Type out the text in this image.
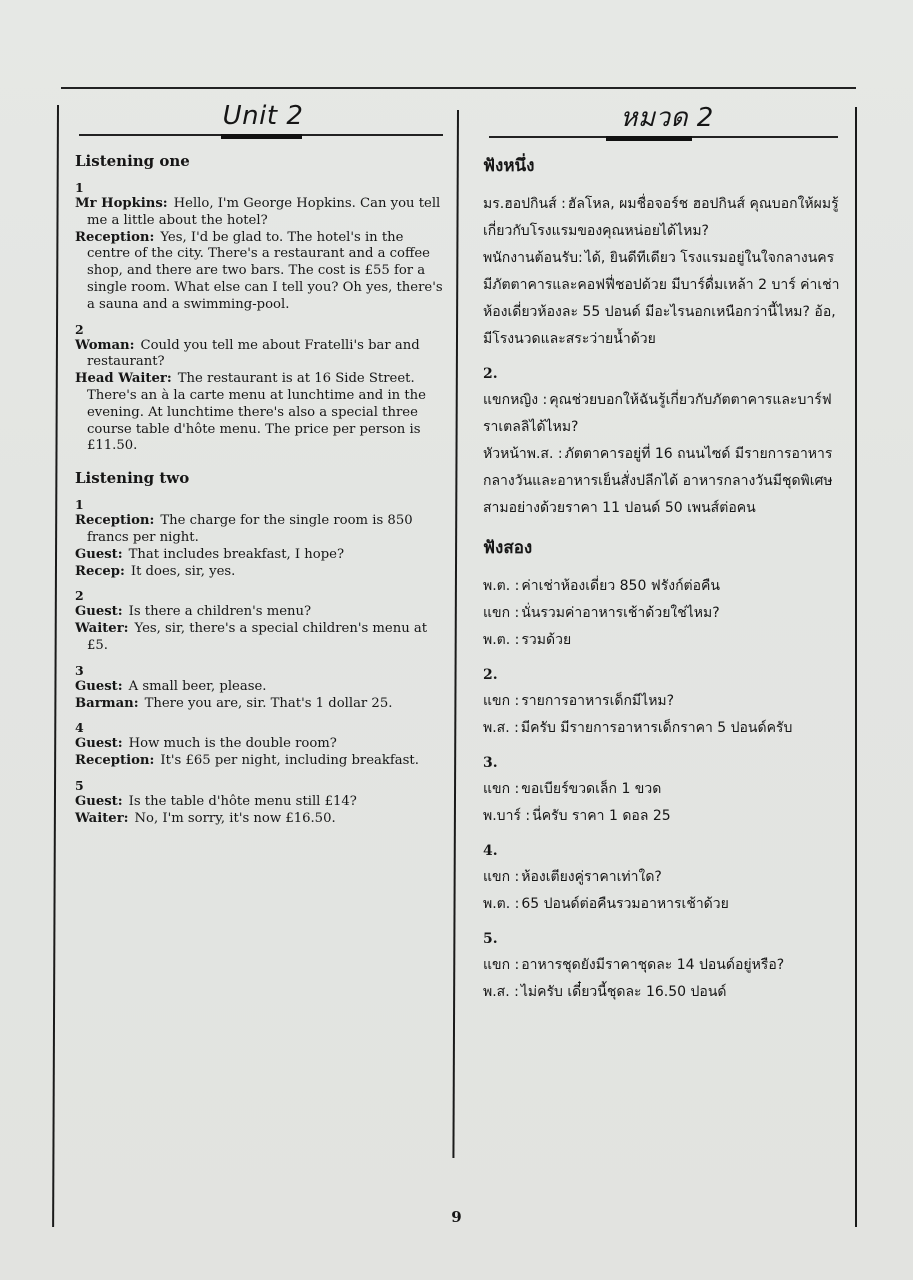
Unit 2
Listening one
1
Mr Hopkins: Hello, I'm George Hopkins. Can you tell me a little about the hotel?
Reception: Yes, I'd be glad to. The hotel's in the centre of the city. There's a restaurant and a coffee shop, and there are two bars. The cost is £55 for a single room. What else can I tell you? Oh yes, there's a sauna and a swimming-pool.
2
Woman: Could you tell me about Fratelli's bar and restaurant?
Head Waiter: The restaurant is at 16 Side Street. There's an à la carte menu at lunchtime and in the evening. At lunchtime there's also a special three course table d'hôte menu. The price per person is £11.50.
Listening two
1
Reception: The charge for the single room is 850 francs per night.
Guest: That includes breakfast, I hope?
Recep: It does, sir, yes.
2
Guest: Is there a children's menu?
Waiter: Yes, sir, there's a special children's menu at £5.
3
Guest: A small beer, please.
Barman: There you are, sir. That's 1 dollar 25.
4
Guest: How much is the double room?
Reception: It's £65 per night, including breakfast.
5
Guest: Is the table d'hôte menu still £14?
Waiter: No, I'm sorry, it's now £16.50.
หมวด 2
ฟังหนึ่ง
มร.ฮอปกินส์ : ฮัลโหล, ผมชื่อจอร์ช ฮอปกินส์ คุณบอกให้ผมรู้เกี่ยวกับโรงแรมของคุณหน่อยได้ไหม?
พนักงานต้อนรับ: ได้, ยินดีทีเดียว โรงแรมอยู่ในใจกลางนคร มีภัตตาคารและคอฟฟี่ชอปด้วย มีบาร์ดื่มเหล้า 2 บาร์ ค่าเช่าห้องเดี่ยวห้องละ 55 ปอนด์ มีอะไรนอกเหนือกว่านี้ไหม? อ้อ, มีโรงนวดและสระว่ายน้ำด้วย
2.
แขกหญิง : คุณช่วยบอกให้ฉันรู้เกี่ยวกับภัตตาคารและบาร์ฟราเตลลิได้ไหม?
หัวหน้าพ.ส. : ภัตตาคารอยู่ที่ 16 ถนนไซด์ มีรายการอาหารกลางวันและอาหารเย็นสั่งปลีกได้ อาหารกลางวันมีชุดพิเศษสามอย่างด้วยราคา 11 ปอนด์ 50 เพนส์ต่อคน
ฟังสอง
พ.ต. : ค่าเช่าห้องเดี่ยว 850 ฟรังก์ต่อคืน
แขก : นั่นรวมค่าอาหารเช้าด้วยใช่ไหม?
พ.ต. : รวมด้วย
2.
แขก : รายการอาหารเด็กมีไหม?
พ.ส. : มีครับ มีรายการอาหารเด็กราคา 5 ปอนด์ครับ
3.
แขก : ขอเบียร์ขวดเล็ก 1 ขวด
พ.บาร์ : นี่ครับ ราคา 1 ดอล 25
4.
แขก : ห้องเตียงคู่ราคาเท่าใด?
พ.ต. : 65 ปอนด์ต่อคืนรวมอาหารเช้าด้วย
5.
แขก : อาหารชุดยังมีราคาชุดละ 14 ปอนด์อยู่หรือ?
พ.ส. : ไม่ครับ เดี๋ยวนี้ชุดละ 16.50 ปอนด์
9
